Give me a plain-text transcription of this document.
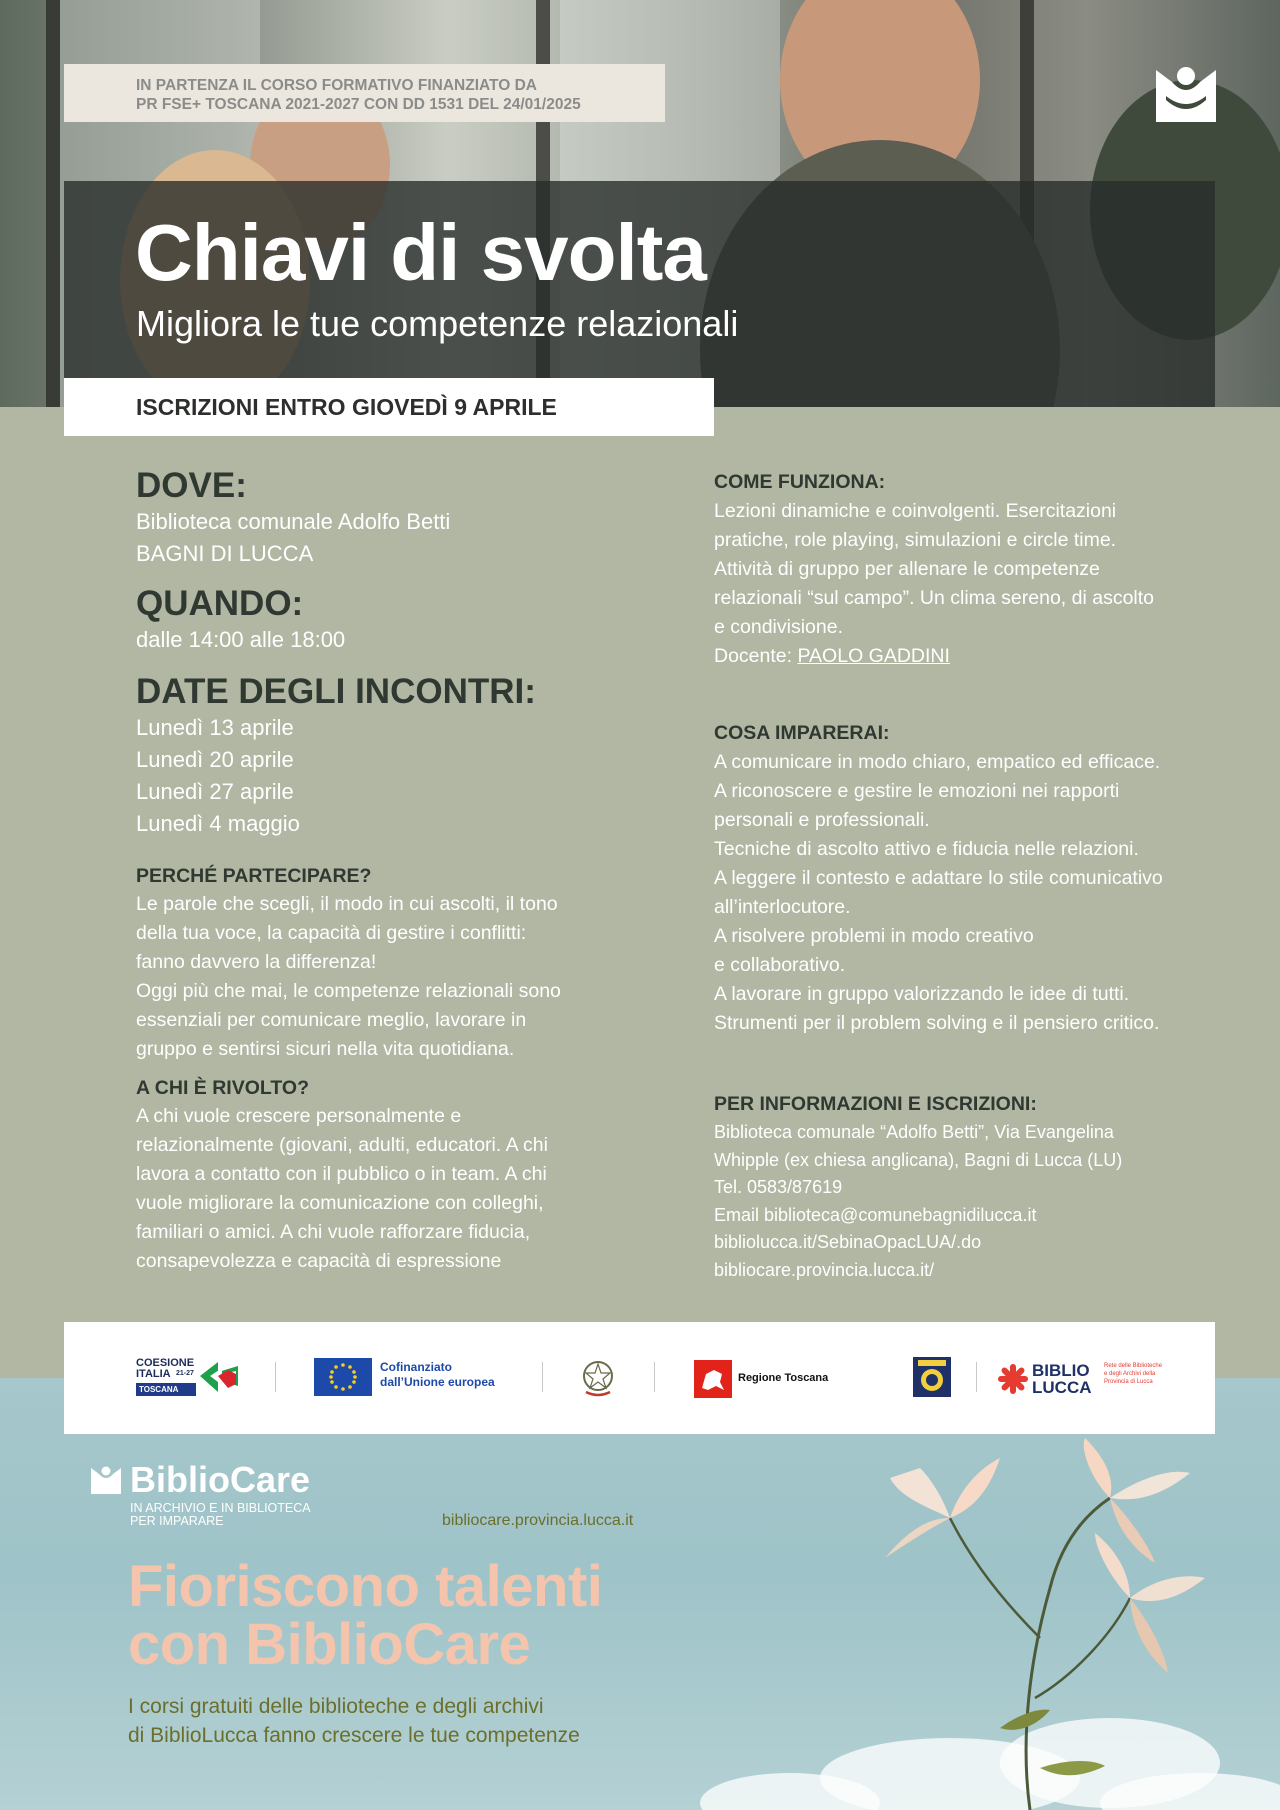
IN PARTENZA IL CORSO FORMATIVO FINANZIATO DA
PR FSE+ TOSCANA 2021-2027 CON DD 1531 DEL 24/01/2025
Chiavi di svolta

Migliora le tue competenze relazionali

ISCRIZIONI ENTRO GIOVEDÌ 9 APRILE

DOVE:

Biblioteca comunale Adolfo Betti

BAGNI DI LUCCA

QUANDO:

dalle 14:00 alle 18:00

DATE DEGLI INCONTRI:

Lunedì 13 aprile

Lunedì 20 aprile

Lunedì 27 aprile

Lunedì 4 maggio

PERCHÉ PARTECIPARE?

Le parole che scegli, il modo in cui ascolti, il tono

della tua voce, la capacità di gestire i conflitti:

fanno davvero la differenza!

Oggi più che mai, le competenze relazionali sono

essenziali per comunicare meglio, lavorare in

gruppo e sentirsi sicuri nella vita quotidiana.

A CHI È RIVOLTO?

A chi vuole crescere personalmente e

relazionalmente (giovani, adulti, educatori. A chi

lavora a contatto con il pubblico o in team. A chi

vuole migliorare la comunicazione con colleghi,

familiari o amici. A chi vuole rafforzare fiducia,

consapevolezza e capacità di espressione

COME FUNZIONA:

Lezioni dinamiche e coinvolgenti. Esercitazioni

pratiche, role playing, simulazioni e circle time.

Attività di gruppo per allenare le competenze

relazionali “sul campo”. Un clima sereno, di ascolto

e condivisione.

Docente: PAOLO GADDINI

COSA IMPARERAI:

A comunicare in modo chiaro, empatico ed efficace.

A riconoscere e gestire le emozioni nei rapporti

personali e professionali.

Tecniche di ascolto attivo e fiducia nelle relazioni.

A leggere il contesto e adattare lo stile comunicativo

all’interlocutore.

A risolvere problemi in modo creativo

e collaborativo.

A lavorare in gruppo valorizzando le idee di tutti.

Strumenti per il problem solving e il pensiero critico.

PER INFORMAZIONI E ISCRIZIONI:

Biblioteca comunale “Adolfo Betti”, Via Evangelina

Whipple (ex chiesa anglicana), Bagni di Lucca (LU)

Tel. 0583/87619

Email biblioteca@comunebagnidilucca.it

bibliolucca.it/SebinaOpacLUA/.do

bibliocare.provincia.lucca.it/

BiblioCare
IN ARCHIVIO E IN BIBLIOTECA
PER IMPARARE	bibliocare.provincia.lucca.it
Fioriscono talenti
con BiblioCare
I corsi gratuiti delle biblioteche e degli archivi
di BiblioLucca fanno crescere le tue competenze
COESIONE
ITALIA 21-27
TOSCANA
Cofinanziato
dall’Unione europea	Regione Toscana	BIBLIO
LUCCA
Rete delle Biblioteche e degli Archivi della Provincia di Lucca
